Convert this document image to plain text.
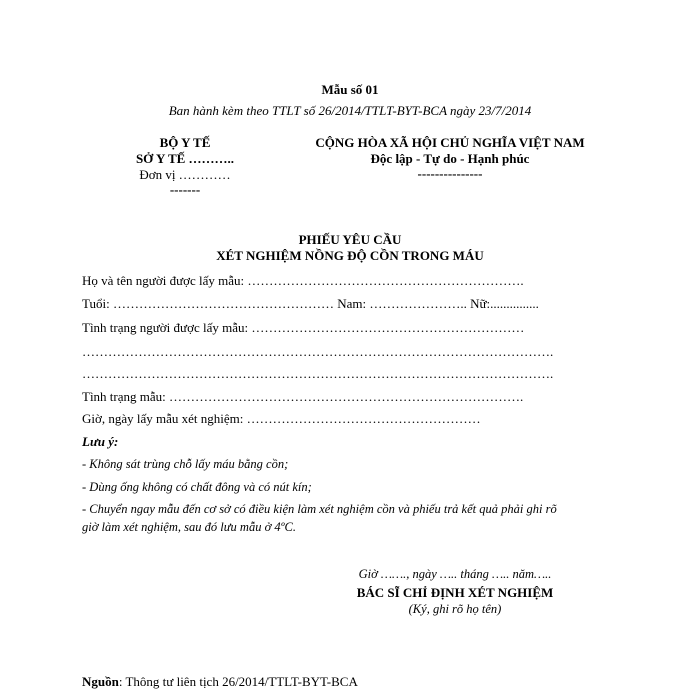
Mẫu số 01
Ban hành kèm theo TTLT số 26/2014/TTLT-BYT-BCA ngày 23/7/2014
BỘ Y TẾ
SỞ Y TẾ ………..
Đơn vị …………
-------
CỘNG HÒA XÃ HỘI CHỦ NGHĨA VIỆT NAM
Độc lập - Tự do - Hạnh phúc
---------------
PHIẾU YÊU CẦU
XÉT NGHIỆM NỒNG ĐỘ CỒN TRONG MÁU
Họ và tên người được lấy mẫu: ……………………………………………………….
Tuổi: …………………………………………… Nam: ………………….. Nữ:...............
Tình trạng người được lấy mẫu: ………………………………………………………
……………………………………………………………………………………………….
……………………………………………………………………………………………….
Tình trạng mẫu: ……………………………………………………………………….
Giờ, ngày lấy mẫu xét nghiệm: ………………………………………………
Lưu ý:
- Không sát trùng chỗ lấy máu bằng cồn;
- Dùng ống không có chất đông và có nút kín;
- Chuyển ngay mẫu đến cơ sở có điều kiện làm xét nghiệm cồn và phiếu trả kết quả phải ghi rõ
giờ làm xét nghiệm, sau đó lưu mẫu ở 4ºC.
Giờ ……., ngày ….. tháng ….. năm…..
BÁC SĨ CHỈ ĐỊNH XÉT NGHIỆM
(Ký, ghi rõ họ tên)
Nguồn: Thông tư liên tịch 26/2014/TTLT-BYT-BCA
